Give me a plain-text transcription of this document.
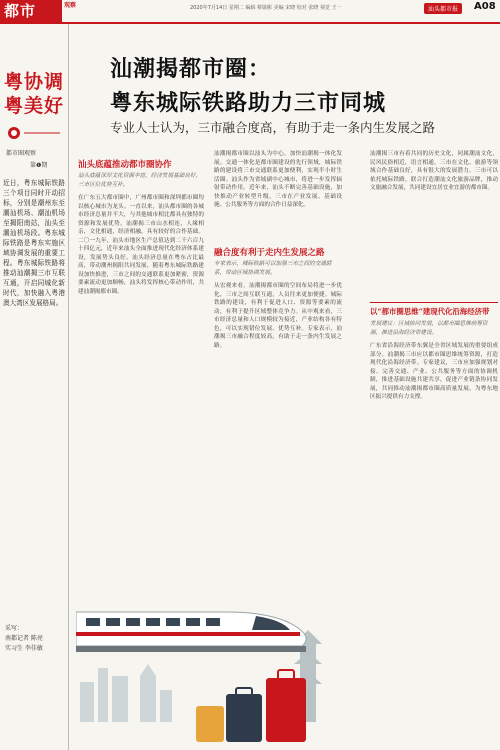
都市	观察	2020年7月14日 星期二 编辑 蔡镇彬 美编 宋晓 校对 张晓 视觉 王一	汕头都市报	A08
粤协调
粤美好
都市圈观察
第❶期
近日，粤东城际铁路三个项目同时开动招标，分别是潮州东至潮汕机场、潮汕机场至揭阳南站，汕头至潮汕机场段。粤东城际铁路是粤东实施区域协调发展的重要工程。粤东城际铁路将推动汕潮揭三市互联互通，开启同城化新时代，加快融入粤港澳大湾区发展格局。
采写：
南都记者 陈亮
实习生 李佳敏
汕潮揭都市圈：
粤东城际铁路助力三市同城
专业人士认为，三市融合度高，有助于走一条内生发展之路
汕头底蕴推动都市圈协作
汕头底蕴深厚文化资源丰富，经济发展基础良好，三市区位优势互补。
在广东五大都市圈中，广州都市圈和深圳都市圈均以核心城市为龙头。一直以来，汕头都市圈的各城市经济总量并不大，与其他城市相比都具有独特的资源和发展优势。汕潮揭三市山水相连，人缘相亲，文化相通，经济相融，具有较好的合作基础。二〇一九年，汕头市地区生产总值达到二千六百九十四亿元，近年来汕头全面推进现代化经济体系建设，发展势头良好。汕头经济总量在粤东占比最高，带动潮州揭阳共同发展。随着粤东城际铁路建设加快推进，三市之间的交通联系更加紧密，资源要素流动更加顺畅，汕头将发挥核心带动作用，共建汕潮揭都市圈。
汕潮揭都市圈以汕头为中心，加快汕潮揭一体化发展。交通一体化是都市圈建设的先行领域，城际铁路的建设将三市交通联系更加便利，实现半小时生活圈。汕头作为省域副中心城市，将进一步发挥辐射带动作用。近年来，汕头不断完善基础设施，加快推动产业转型升级，三市在产业发展、基础设施、公共服务等方面的合作日益深化。
融合度有利于走内生发展之路
专家表示，城际铁路可以加强三市之间的交通联系，带动区域协调发展。
从宏观来看，汕潮揭都市圈的空间布局将进一步优化，三市之间互联互通，人员往来更加便捷。城际铁路的建设，有利于促进人口、资源等要素的流动，有利于提升区域整体竞争力。从中观来看，三市经济总量和人口规模较为接近，产业结构各有特色，可以实现错位发展、优势互补。专家表示，汕潮揭三市融合程度较高，有助于走一条内生发展之路。
汕潮揭三市有着共同的历史文化，同属潮汕文化，民风民俗相近，语言相通。三市在文化、旅游等领域合作基础良好，具有很大的发展潜力。三市可以依托城际铁路，联合打造潮汕文化旅游品牌，推动文旅融合发展，共同建设宜居宜业宜游的都市圈。
以“都市圈思维”建现代化沿海经济带
发展建议：区域协同发展，以都市圈思维统筹资源，推进沿海经济带建设。
广东省沿海经济带东翼是全省区域发展的重要组成部分。汕潮揭三市应以都市圈思维统筹资源，打造现代化沿海经济带。专家建议，三市应加强规划对接，完善交通、产业、公共服务等方面的协调机制，推进基础设施共建共享，促进产业链条协同发展，共同推动汕潮揭都市圈高质量发展，为粤东地区振兴提供有力支撑。
